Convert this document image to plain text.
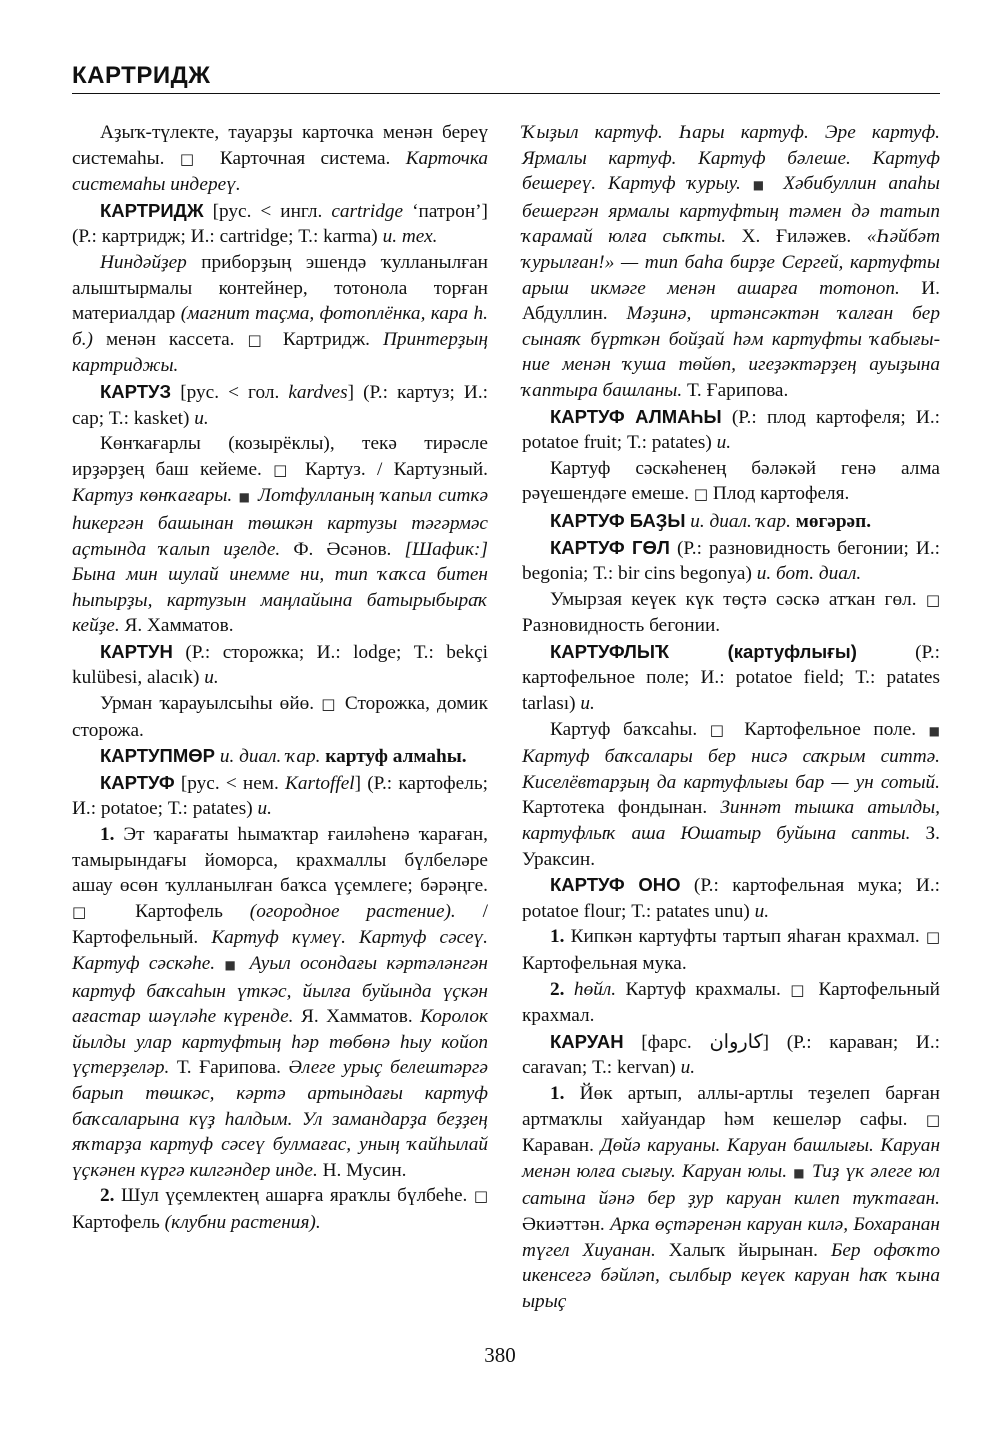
КАРТРИДЖ

Аҙыҡ-түлекте, тауарҙы карточка менән береү системаһы. □ Карточная система. Карточка системаһы индереү.

КАРТРИДЖ [рус. < ингл. cartridge ‘патрон’] (Р.: картридж; И.: cartridge; Т.: karma) и. тех.

Ниндәйҙер приборҙың эшендә ҡулланылған алыштырмалы контейнер, тотонола торған материалдар (магнит таҫма, фотоплёнка, кара һ. б.) менән кассета. □ Картридж. Принтерҙың картриджы.

КАРТУЗ [рус. < гол. kardves] (Р.: картуз; И.: cap; Т.: kasket) и.

Көнҡағарлы (козырёклы), текә тирәсле ирҙәрҙең баш кейеме. □ Картуз. / Картузный. Картуз көнҡағары. ■ Лотфулланың ҡапыл ситкә һикергән башынан төшкән картузы тәгәрмәс аҫтында ҡалып иҙелде. Ф. Әсәнов. [Шафик:] Бына мин шулай инемме ни, тип ҡаҡса битен һыпырҙы, картузын маңлайына батырыбыраҡ кейҙе. Я. Хамматов.

КАРТУН (Р.: сторожка; И.: lodge; Т.: bekçi kulübesi, alacık) и.

Урман ҡарауылсыһы өйө. □ Сторожка, домик сторожа.

КАРТУПМӨР и. диал. ҡар. картуф алмаһы.

КАРТУФ [рус. < нем. Kartoffel] (Р.: картофель; И.: potatoe; Т.: patates) и.

1. Эт ҡарағаты һымаҡтар ғаиләһенә ҡараған, тамырындағы йоморса, крахмаллы бүлбеләре ашау өсөн ҡулланылған баҡса үҫемлеге; бәрәңге. □ Картофель (огородное растение). / Картофельный. Картуф күмеү. Картуф сәсеү. Картуф сәскәһе. ■ Ауыл осондағы кәртәләнгән картуф баҡсаһын үткәс, йылға буйында үҫкән ағастар шәүләһе күренде. Я. Хамматов. Королок йылды улар картуфтың һәр төбөнә һыу койоп үҫтерҙеләр. Т. Ғарипова. Әлеге урыҫ белештәргә барып төшкәс, кәртә артындағы картуф баҡсаларына күҙ һалдым. Ул замандарҙа беҙҙең яҡтарҙа картуф сәсеү булмағас, уның ҡайһылай үҫкәнен күргә килгәндер инде. Н. Мусин.

2. Шул үҫемлектең ашарға яраҡлы бүлбеһе. □ Картофель (клубни растения).

Ҡыҙыл картуф. Һары картуф. Эре картуф. Ярмалы картуф. Картуф бәлеше. Картуф бешереү. Картуф ҡурыу. ■ Хәбибуллин апаһы бешергән ярмалы картуфтың тәмен дә татып ҡарамай юлға сыҡты. Х. Ғиләжев. «Һәйбәт ҡурылған!» — тип баһа бирҙе Сергей, картуфты арыш икмәге менән ашарға тотоноп. И. Абдуллин. Мәҙинә, иртәнсәктән ҡалған бер сынаяҡ бүрткән бойҙай һәм картуфты ҡабығы-ние менән ҡуша төйөп, игеҙәктәрҙең ауыҙына ҡаптыра башланы. Т. Ғарипова.

КАРТУФ АЛМАҺЫ (Р.: плод картофеля; И.: potatoe fruit; Т.: patates) и.

Картуф сәскәһенең бәләкәй генә алма рәүешендәге емеше. □ Плод картофеля.

КАРТУФ БАҘЫ и. диал. ҡар. мөгәрәп.

КАРТУФ ГӨЛ (Р.: разновидность бегонии; И.: begonia; Т.: bir cins begonya) и. бот. диал.

Умырзая кеүек күк төҫтә сәскә атҡан гөл. □ Разновидность бегонии.

КАРТУФЛЫҠ (картуфлығы) (Р.: картофельное поле; И.: potatoe field; Т.: patates tarlası) и.

Картуф баҡсаһы. □ Картофельное поле. ■ Картуф баҡсалары бер нисә саҡрым ситтә. Киселёвтарҙың да картуфлығы бар — ун сотый. Картотека фондынан. Зиннәт тышка атылды, картуфлыҡ аша Юшатыр буйына сапты. З. Ураксин.

КАРТУФ ОНО (Р.: картофельная мука; И.: potatoe flour; Т.: patates unu) и.

1. Кипкән картуфты тартып яһаған крахмал. □ Картофельная мука.

2. һөйл. Картуф крахмалы. □ Картофельный крахмал.

КАРУАН [фарс. کاروان] (Р.: караван; И.: caravan; Т.: kervan) и.

1. Йөк артып, аллы-артлы теҙелеп барған артмаҡлы хайуандар һәм кешеләр сафы. □ Караван. Дөйә каруаны. Каруан башлығы. Каруан менән юлға сығыу. Каруан юлы. ■ Тиҙ үк әлеге юл сатына йәнә бер ҙур каруан килеп туҡтаған. Әкиәттән. Арка өҫтәренән каруан килә, Бохаранан түгел Хиуанан. Халыҡ йырынан. Бер офоҡто икенсегә бәйләп, сылбыр кеүек каруан һаҡ ҡына ырыҫ

380
